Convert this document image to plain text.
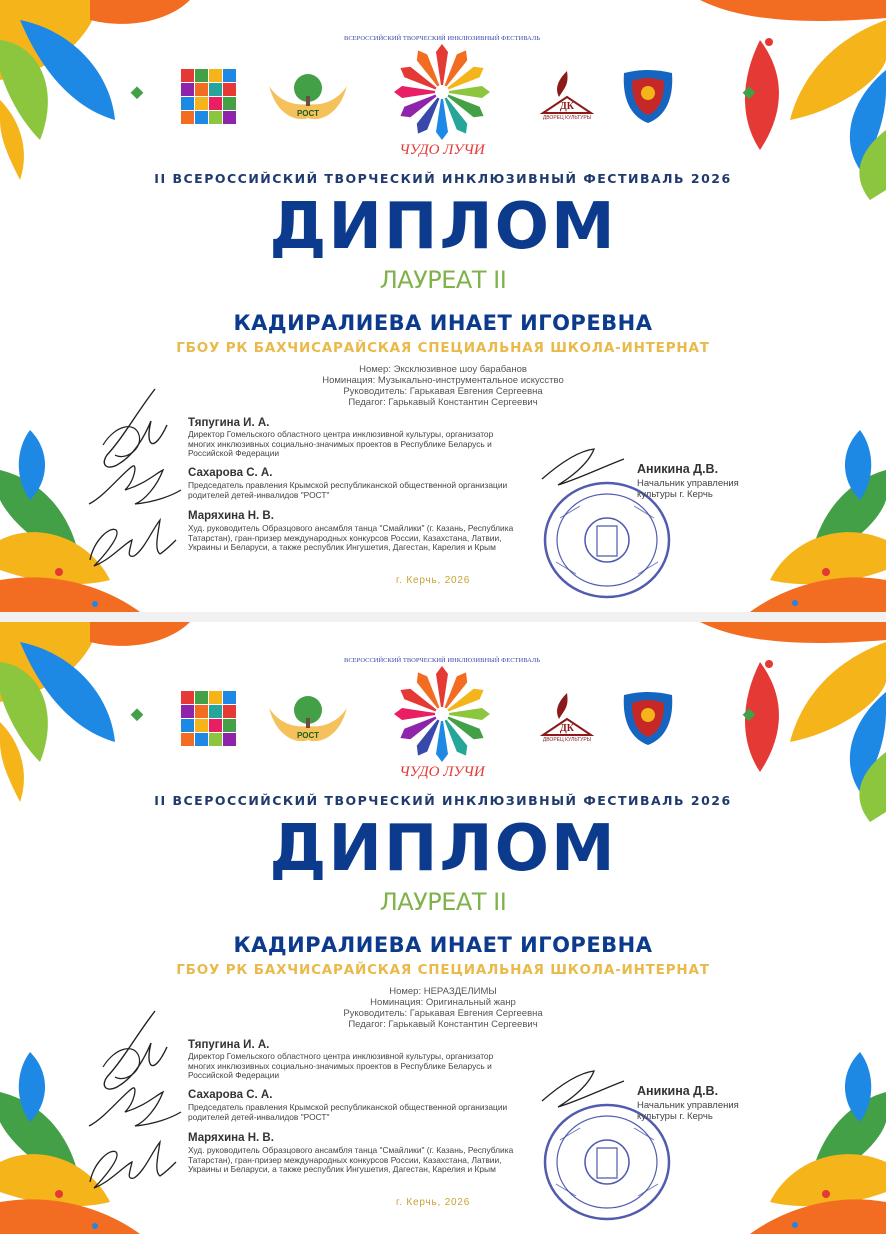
РОСТ
ВСЕРОССИЙСКИЙ ТВОРЧЕСКИЙ ИНКЛЮЗИВНЫЙ ФЕСТИВАЛЬ
ЧУДО ЛУЧИ
ДК
ДВОРЕЦ КУЛЬТУРЫ
II ВСЕРОССИЙСКИЙ ТВОРЧЕСКИЙ ИНКЛЮЗИВНЫЙ ФЕСТИВАЛЬ 2026
ДИПЛОМ
ЛАУРЕАТ II
КАДИРАЛИЕВА ИНАЕТ ИГОРЕВНА
ГБОУ РК БАХЧИСАРАЙСКАЯ СПЕЦИАЛЬНАЯ ШКОЛА-ИНТЕРНАТ
Номер: Эксклюзивное шоу барабанов
Номинация: Музыкально-инструментальное искусство
Руководитель: Гарькавая Евгения Сергеевна
Педагог: Гарькавый Константин Сергеевич
Тяпугина И. А.
Директор Гомельского областного центра инклюзивной культуры, организатор многих инклюзивных социально-значимых проектов в Республике Беларусь и Российской Федерации
Сахарова С. А.
Председатель правления Крымской республиканской общественной организации родителей детей-инвалидов "РОСТ"
Маряхина Н. В.
Худ. руководитель Образцового ансамбля танца "Смайлики" (г. Казань, Республика Татарстан), гран-призер международных конкурсов России, Казахстана, Латвии, Украины и Беларуси, а также республик Ингушетия, Дагестан, Карелия и Крым
Аникина Д.В.
Начальник управления культуры г. Керчь
г. Керчь, 2026
РОСТ
ВСЕРОССИЙСКИЙ ТВОРЧЕСКИЙ ИНКЛЮЗИВНЫЙ ФЕСТИВАЛЬ
ЧУДО ЛУЧИ
ДК
ДВОРЕЦ КУЛЬТУРЫ
II ВСЕРОССИЙСКИЙ ТВОРЧЕСКИЙ ИНКЛЮЗИВНЫЙ ФЕСТИВАЛЬ 2026
ДИПЛОМ
ЛАУРЕАТ II
КАДИРАЛИЕВА ИНАЕТ ИГОРЕВНА
ГБОУ РК БАХЧИСАРАЙСКАЯ СПЕЦИАЛЬНАЯ ШКОЛА-ИНТЕРНАТ
Номер: НЕРАЗДЕЛИМЫ
Номинация: Оригинальный жанр
Руководитель: Гарькавая Евгения Сергеевна
Педагог: Гарькавый Константин Сергеевич
Тяпугина И. А.
Директор Гомельского областного центра инклюзивной культуры, организатор многих инклюзивных социально-значимых проектов в Республике Беларусь и Российской Федерации
Сахарова С. А.
Председатель правления Крымской республиканской общественной организации родителей детей-инвалидов "РОСТ"
Маряхина Н. В.
Худ. руководитель Образцового ансамбля танца "Смайлики" (г. Казань, Республика Татарстан), гран-призер международных конкурсов России, Казахстана, Латвии, Украины и Беларуси, а также республик Ингушетия, Дагестан, Карелия и Крым
Аникина Д.В.
Начальник управления культуры г. Керчь
г. Керчь, 2026
